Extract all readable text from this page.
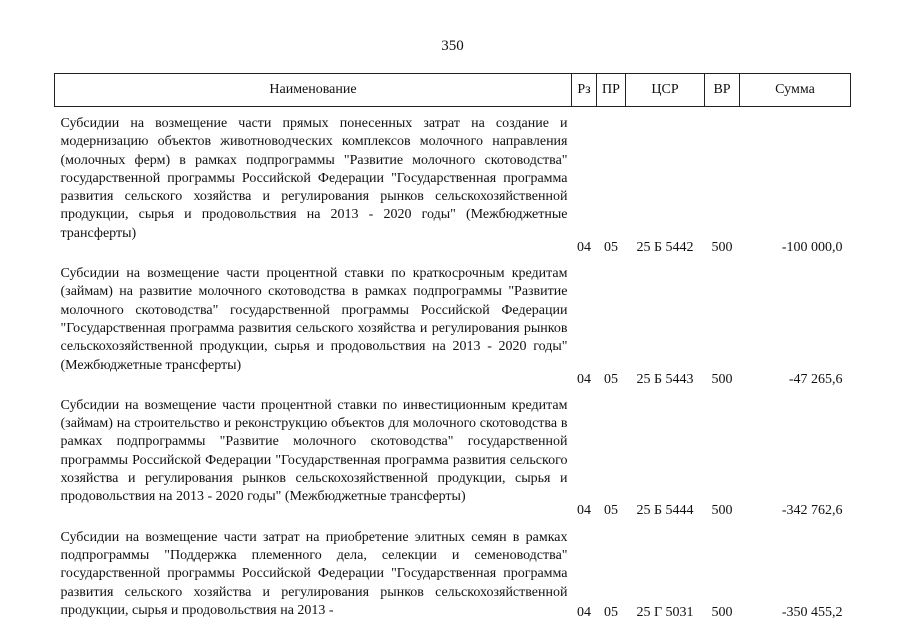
350
Наименование	Рз	ПР	ЦСР	ВР	Сумма
Субсидии на возмещение части прямых понесенных затрат на создание и модернизацию объектов животноводческих комплексов молочного направления (молочных ферм) в рамках подпрограммы "Развитие молочного скотоводства" государственной программы Российской Федерации "Государственная программа развития сельского хозяйства и регулирования рынков сельскохозяйственной продукции, сырья и продовольствия на 2013 - 2020 годы" (Межбюджетные трансферты)	04	05	25 Б 5442	500	-100 000,0
Субсидии на возмещение части процентной ставки по краткосрочным кредитам (займам) на развитие молочного скотоводства в рамках подпрограммы "Развитие молочного скотоводства" государственной программы Российской Федерации "Государственная программа развития сельского хозяйства и регулирования рынков сельскохозяйственной продукции, сырья и продовольствия на 2013 - 2020 годы" (Межбюджетные трансферты)	04	05	25 Б 5443	500	-47 265,6
Субсидии на возмещение части процентной ставки по инвестиционным кредитам (займам) на строительство и реконструкцию объектов для молочного скотоводства в рамках подпрограммы "Развитие молочного скотоводства" государственной программы Российской Федерации "Государственная программа развития сельского хозяйства и регулирования рынков сельскохозяйственной продукции, сырья и продовольствия на 2013 - 2020 годы" (Межбюджетные трансферты)	04	05	25 Б 5444	500	-342 762,6
Субсидии на возмещение части затрат на приобретение элитных семян в рамках подпрограммы "Поддержка племенного дела, селекции и семеноводства" государственной программы Российской Федерации "Государственная программа развития сельского хозяйства и регулирования рынков сельскохозяйственной продукции, сырья и продовольствия на 2013 -	04	05	25 Г 5031	500	-350 455,2
